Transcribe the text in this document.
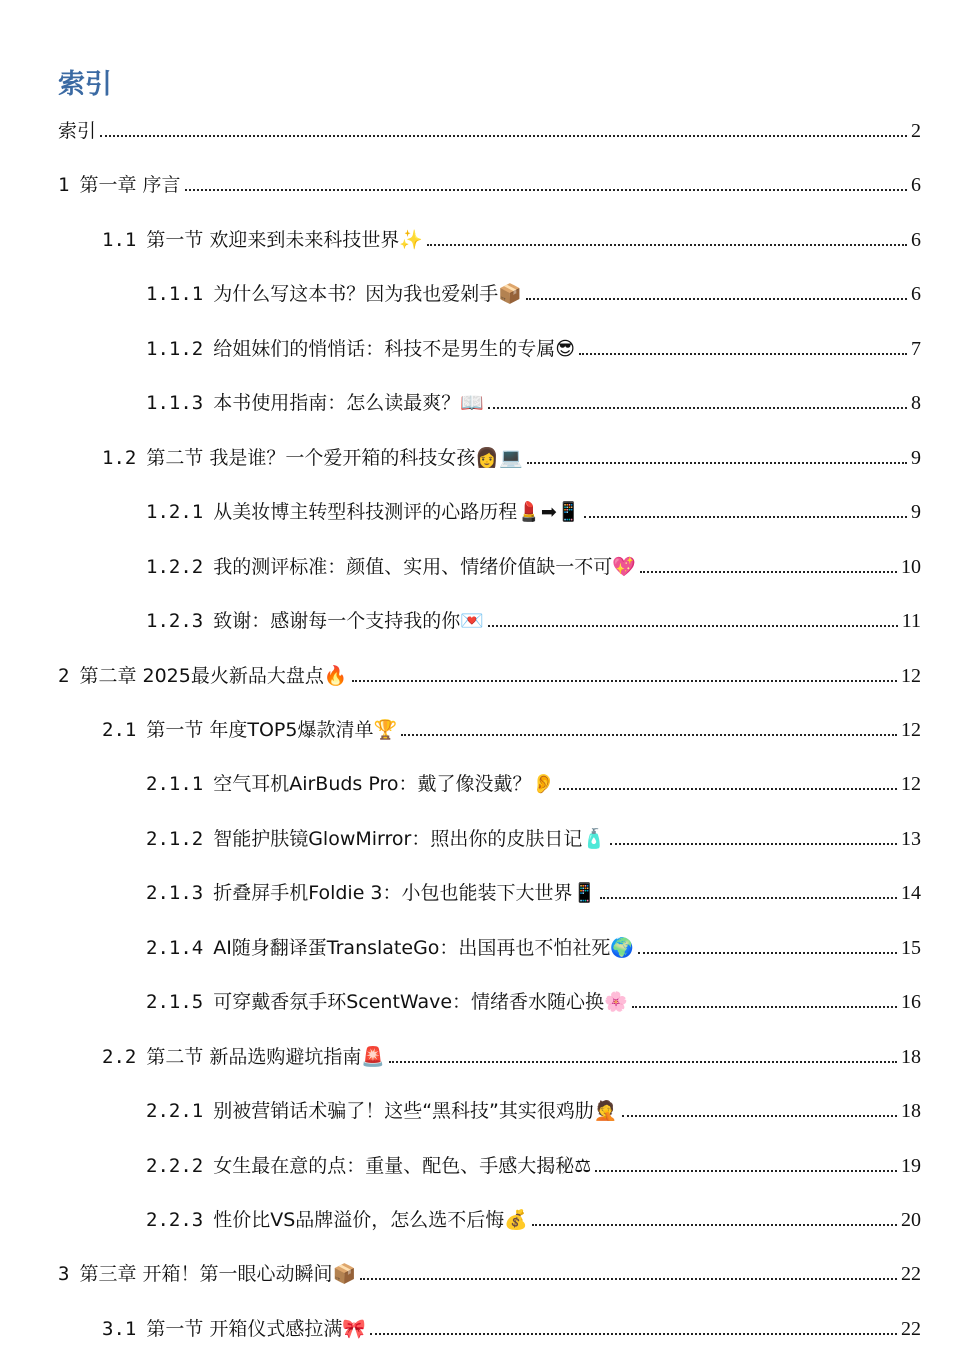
索引
索引	2
1 第一章 序言	6
1.1 第一节 欢迎来到未来科技世界✨	6
1.1.1 为什么写这本书？因为我也爱剁手📦	6
1.1.2 给姐妹们的悄悄话：科技不是男生的专属😎	7
1.1.3 本书使用指南：怎么读最爽？📖	8
1.2 第二节 我是谁？一个爱开箱的科技女孩👩💻	9
1.2.1 从美妆博主转型科技测评的心路历程💄➡📱	9
1.2.2 我的测评标准：颜值、实用、情绪价值缺一不可💖	10
1.2.3 致谢：感谢每一个支持我的你💌	11
2 第二章 2025最火新品大盘点🔥	12
2.1 第一节 年度TOP5爆款清单🏆	12
2.1.1 空气耳机AirBuds Pro：戴了像没戴？👂	12
2.1.2 智能护肤镜GlowMirror：照出你的皮肤日记🧴	13
2.1.3 折叠屏手机Foldie 3：小包也能装下大世界📱	14
2.1.4 AI随身翻译蛋TranslateGo：出国再也不怕社死🌍	15
2.1.5 可穿戴香氛手环ScentWave：情绪香水随心换🌸	16
2.2 第二节 新品选购避坑指南🚨	18
2.2.1 别被营销话术骗了！这些“黑科技”其实很鸡肋🤦	18
2.2.2 女生最在意的点：重量、配色、手感大揭秘⚖	19
2.2.3 性价比VS品牌溢价，怎么选不后悔💰	20
3 第三章 开箱！第一眼心动瞬间📦	22
3.1 第一节 开箱仪式感拉满🎀	22
